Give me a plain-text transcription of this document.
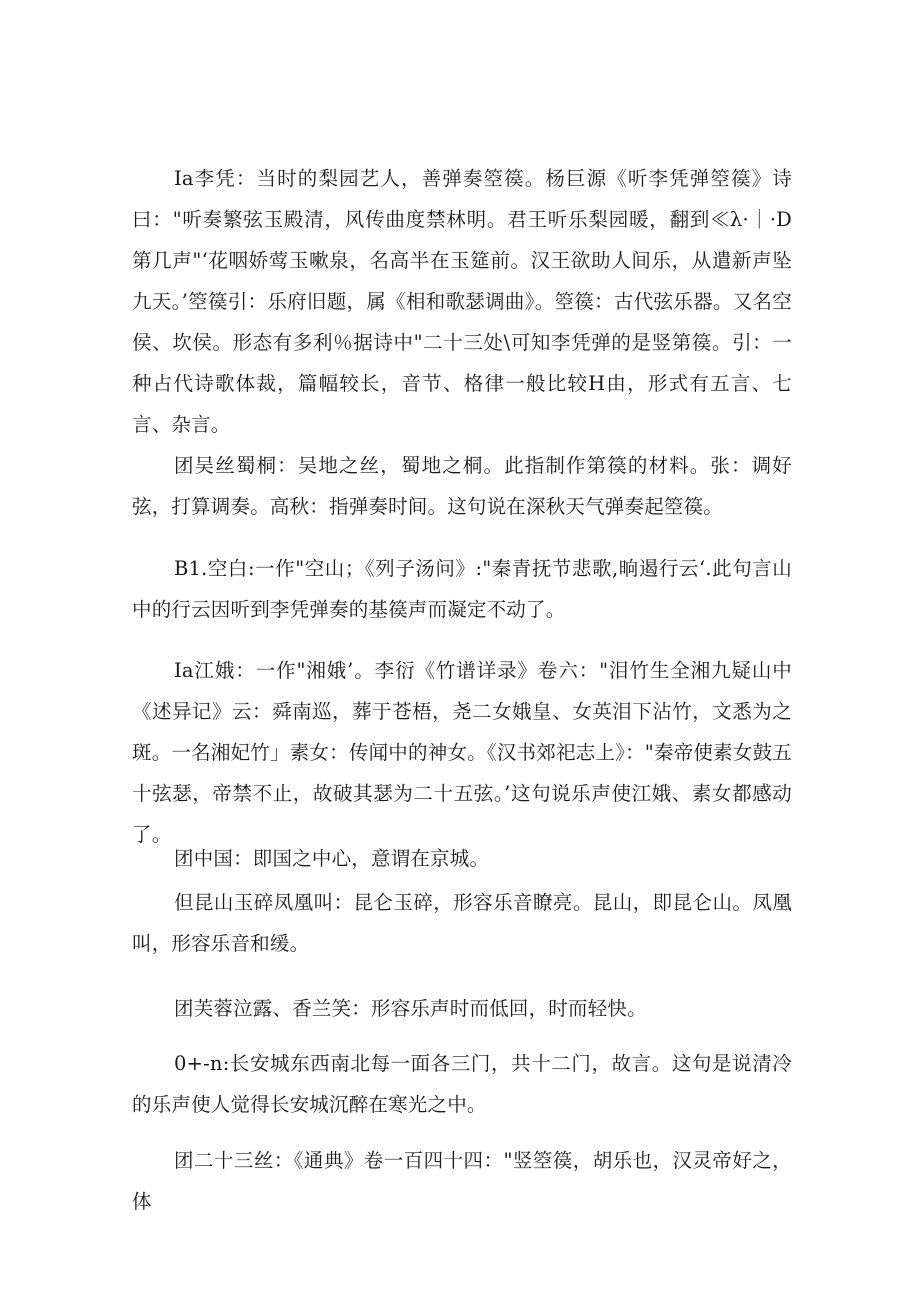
Ia李凭：当时的梨园艺人，善弹奏箜篌。杨巨源《听李凭弹箜篌》诗曰："听奏繁弦玉殿清，风传曲度禁林明。君王听乐梨园暖，翻到≪λ·｜·D第几声"‘花咽娇莺玉嗽泉，名高半在玉筵前。汉王欲助人间乐，从遣新声坠九天。’箜篌引：乐府旧题，属《相和歌瑟调曲》。箜篌：古代弦乐器。又名空侯、坎侯。形态有多利％据诗中"二十三处\可知李凭弹的是竖第篌。引：一种占代诗歌体裁，篇幅较长，音节、格律一般比较H由，形式有五言、七言、杂言。

团吴丝蜀桐：吴地之丝，蜀地之桐。此指制作第篌的材料。张：调好弦，打算调奏。高秋：指弹奏时间。这句说在深秋天气弹奏起箜篌。

B1.空白:一作"空山；《列子汤问》:"秦青抚节悲歌,晌遏行云‘.此句言山中的行云因听到李凭弹奏的基篌声而凝定不动了。

Ia江娥：一作"湘娥’。李衍《竹谱详录》卷六："泪竹生全湘九疑山中《述异记》云：舜南巡，葬于苍梧，尧二女娥皇、女英泪下沾竹，文悉为之斑。一名湘妃竹」素女：传闻中的神女。《汉书郊祀志上》："秦帝使素女鼓五十弦瑟，帝禁不止，故破其瑟为二十五弦。’这句说乐声使江娥、素女都感动了。

团中国：即国之中心，意谓在京城。

但昆山玉碎凤凰叫：昆仑玉碎，形容乐音瞭亮。昆山，即昆仑山。凤凰叫，形容乐音和缓。

团芙蓉泣露、香兰笑：形容乐声时而低回，时而轻快。

0+-n:长安城东西南北每一面各三门，共十二门，故言。这句是说清冷的乐声使人觉得长安城沉醉在寒光之中。

团二十三丝：《通典》卷一百四十四："竖箜篌，胡乐也，汉灵帝好之，体
